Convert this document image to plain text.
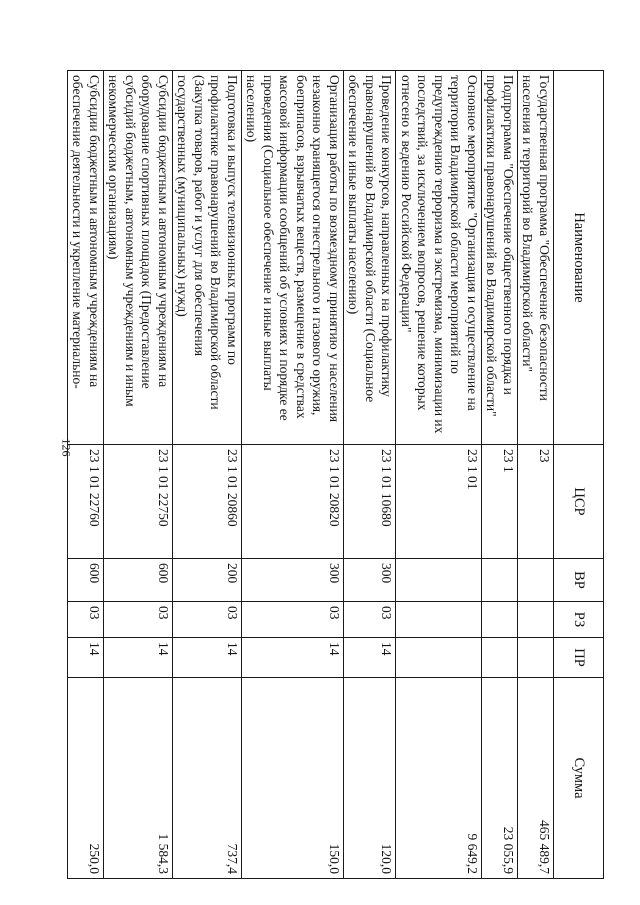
126
Наименование	ЦСР	ВР	РЗ	ПР	Сумма
Государственная программа "Обеспечение безопасности населения и территорий во Владимирской области"	23				465 489,7
Подпрограмма "Обеспечение общественного порядка и профилактики правонарушений во Владимирской области"	23 1				23 055,9
Основное мероприятие "Организация и осуществление на территории Владимирской области мероприятий по предупреждению терроризма и экстремизма, минимизации их последствий, за исключением вопросов, решение которых отнесено к ведению Российской Федерации"	23 1 01				9 649,2
Проведение конкурсов, направленных на профилактику правонарушений во Владимирской области (Социальное обеспечение и иные выплаты населению)	23 1 01 10680	300	03	14	120,0
Организация работы по возмездному принятию у населения незаконно хранящегося огнестрельного и газового оружия, боеприпасов, взрывчатых веществ, размещение в средствах массовой информации сообщений об условиях и порядке ее проведения (Социальное обеспечение и иные выплаты населению)	23 1 01 20820	300	03	14	150,0
Подготовка и выпуск телевизионных программ по профилактике правонарушений во Владимирской области (Закупка товаров, работ и услуг для обеспечения государственных (муниципальных) нужд)	23 1 01 20860	200	03	14	737,4
Субсидии бюджетным и автономным учреждениям на оборудование спортивных площадок (Предоставление субсидий бюджетным, автономным учреждениям и иным некоммерческим организациям)	23 1 01 22750	600	03	14	1 584,3
Субсидии бюджетным и автономным учреждениям на обеспечение деятельности и укрепление материально-	23 1 01 22760	600	03	14	250,0
